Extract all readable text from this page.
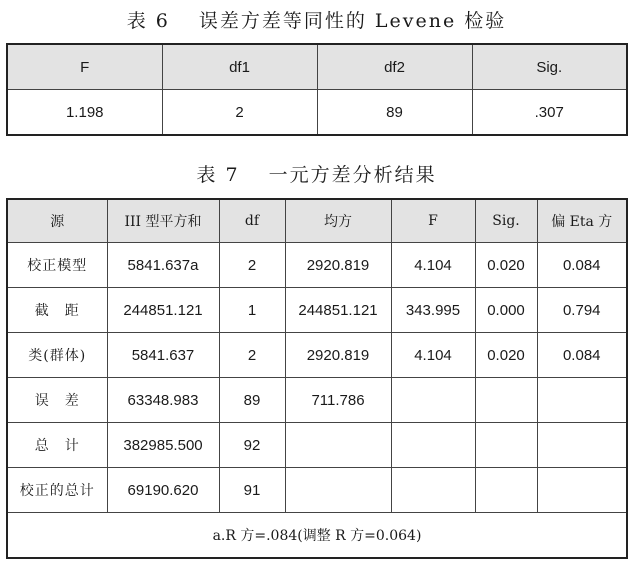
表 6　 误差方差等同性的 Levene 检验
F	df1	df2	Sig.
1.198	2	89	.307
表 7　 一元方差分析结果
源	III 型平方和	df	均方	F	Sig.	偏 Eta 方
校正模型	5841.637a	2	2920.819	4.104	0.020	0.084
截　距	244851.121	1	244851.121	343.995	0.000	0.794
类(群体)	5841.637	2	2920.819	4.104	0.020	0.084
误　差	63348.983	89	711.786			
总　计	382985.500	92				
校正的总计	69190.620	91				
a.R 方=.084(调整 R 方=0.064)						
